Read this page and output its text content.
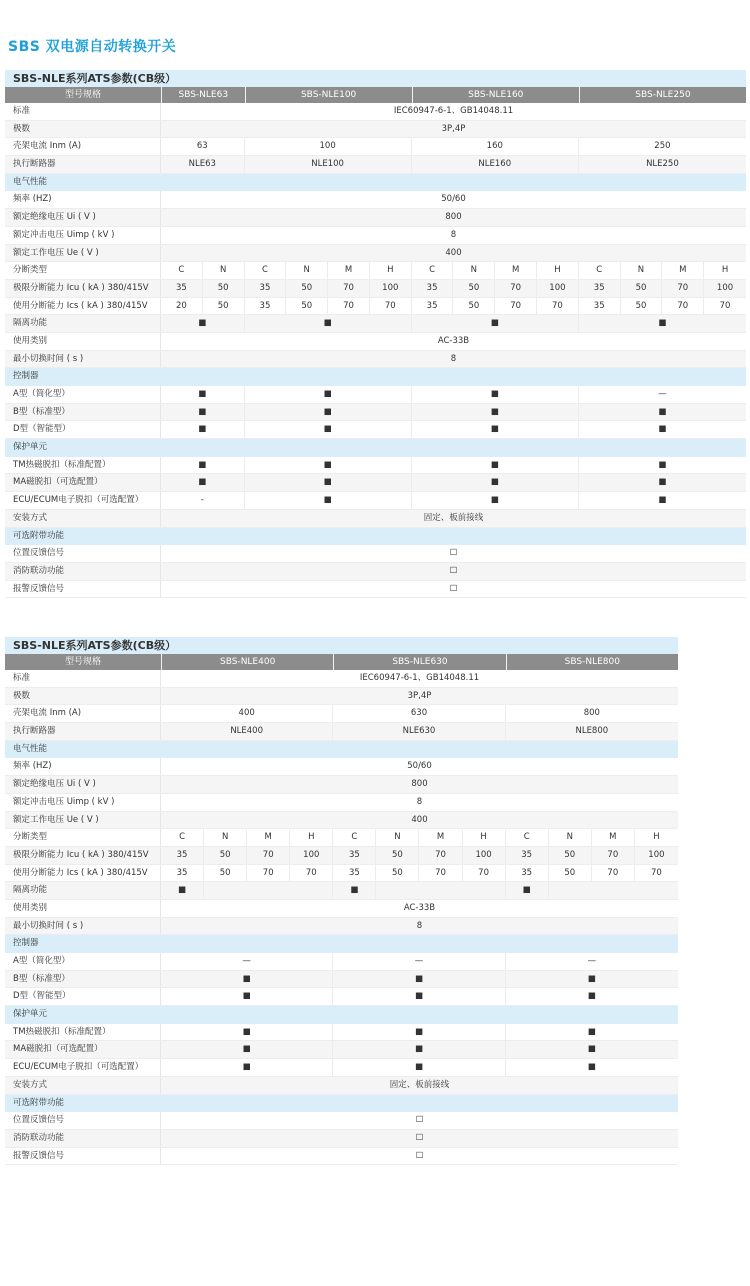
SBS 双电源自动转换开关
SBS-NLE系列ATS参数(CB级）
型号规格	SBS-NLE63	SBS-NLE100	SBS-NLE160	SBS-NLE250
标准	IEC60947-6-1、GB14048.11
极数	3P,4P
壳架电流 Inm (A)	63	100	160	250
执行断路器	NLE63	NLE100	NLE160	NLE250
电气性能
频率 (HZ)	50/60
额定绝缘电压 Ui ( V )	800
额定冲击电压 Uimp ( kV )	8
额定工作电压 Ue ( V )	400
分断类型	C	N	C	N	M	H	C	N	M	H	C	N	M	H
极限分断能力 Icu ( kA ) 380/415V	35	50	35	50	70	100	35	50	70	100	35	50	70	100
使用分断能力 Ics ( kA ) 380/415V	20	50	35	50	70	70	35	50	70	70	35	50	70	70
隔离功能	■	■	■	■
使用类别	AC-33B
最小切换时间 ( s )	8
控制器
A型（简化型）	■	■	■	—
B型（标准型）	■	■	■	■
D型（智能型）	■	■	■	■
保护单元
TM热磁脱扣（标准配置）	■	■	■	■
MA磁脱扣（可选配置）	■	■	■	■
ECU/ECUM电子脱扣（可选配置）	-	■	■	■
安装方式	固定、板前接线
可选附带功能
位置反馈信号	☐
消防联动功能	☐
报警反馈信号	☐
SBS-NLE系列ATS参数(CB级）
型号规格	SBS-NLE400	SBS-NLE630	SBS-NLE800
标准	IEC60947-6-1、GB14048.11
极数	3P,4P
壳架电流 Inm (A)	400	630	800
执行断路器	NLE400	NLE630	NLE800
电气性能
频率 (HZ)	50/60
额定绝缘电压 Ui ( V )	800
额定冲击电压 Uimp ( kV )	8
额定工作电压 Ue ( V )	400
分断类型	C	N	M	H	C	N	M	H	C	N	M	H
极限分断能力 Icu ( kA ) 380/415V	35	50	70	100	35	50	70	100	35	50	70	100
使用分断能力 Ics ( kA ) 380/415V	35	50	70	70	35	50	70	70	35	50	70	70
隔离功能	■	■	■
使用类别	AC-33B
最小切换时间 ( s )	8
控制器
A型（简化型）	—	—	—
B型（标准型）	■	■	■
D型（智能型）	■	■	■
保护单元
TM热磁脱扣（标准配置）	■	■	■
MA磁脱扣（可选配置）	■	■	■
ECU/ECUM电子脱扣（可选配置）	■	■	■
安装方式	固定、板前接线
可选附带功能
位置反馈信号	☐
消防联动功能	☐
报警反馈信号	☐
